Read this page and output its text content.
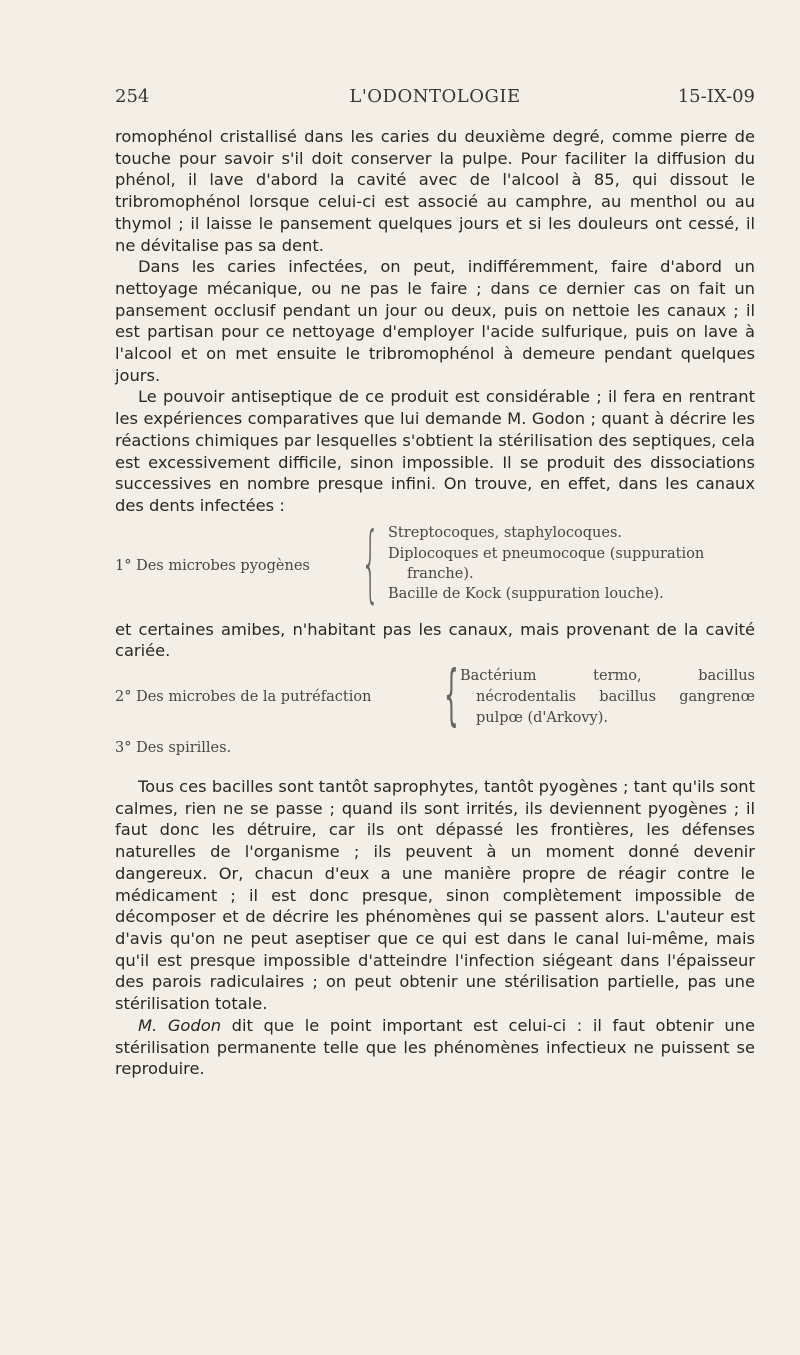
254	L'ODONTOLOGIE	15-IX-09

romophénol cristallisé dans les caries du deuxième degré, comme pierre de touche pour savoir s'il doit conserver la pulpe. Pour faciliter la diffusion du phénol, il lave d'abord la cavité avec de l'alcool à 85, qui dissout le tribromophénol lorsque celui-ci est associé au camphre, au menthol ou au thymol ; il laisse le pansement quelques jours et si les douleurs ont cessé, il ne dévitalise pas sa dent.

Dans les caries infectées, on peut, indifféremment, faire d'abord un nettoyage mécanique, ou ne pas le faire ; dans ce dernier cas on fait un pansement occlusif pendant un jour ou deux, puis on nettoie les canaux ; il est partisan pour ce nettoyage d'employer l'acide sulfurique, puis on lave à l'alcool et on met ensuite le tribromophénol à demeure pendant quelques jours.

Le pouvoir antiseptique de ce produit est considérable ; il fera en rentrant les expériences comparatives que lui demande M. Godon ; quant à décrire les réactions chimiques par lesquelles s'obtient la stérilisation des septiques, cela est excessivement difficile, sinon impossible. Il se produit des dissociations successives en nombre presque infini. On trouve, en effet, dans les canaux des dents infectées :

1° Des microbes pyogènes { Streptocoques, staphylocoques.
Diplocoques et pneumocoque (suppuration franche).
Bacille de Kock (suppuration louche).

et certaines amibes, n'habitant pas les canaux, mais provenant de la cavité cariée.

2° Des microbes de la putréfaction { Bactérium termo, bacillus nécrodentalis bacillus gangrenœ pulpœ (d'Arkovy).
3° Des spirilles.

Tous ces bacilles sont tantôt saprophytes, tantôt pyogènes ; tant qu'ils sont calmes, rien ne se passe ; quand ils sont irrités, ils deviennent pyogènes ; il faut donc les détruire, car ils ont dépassé les frontières, les défenses naturelles de l'organisme ; ils peuvent à un moment donné devenir dangereux. Or, chacun d'eux a une manière propre de réagir contre le médicament ; il est donc presque, sinon complètement impossible de décomposer et de décrire les phénomènes qui se passent alors. L'auteur est d'avis qu'on ne peut aseptiser que ce qui est dans le canal lui-même, mais qu'il est presque impossible d'atteindre l'infection siégeant dans l'épaisseur des parois radiculaires ; on peut obtenir une stérilisation partielle, pas une stérilisation totale.

M. Godon dit que le point important est celui-ci : il faut obtenir une stérilisation permanente telle que les phénomènes infectieux ne puissent se reproduire.
